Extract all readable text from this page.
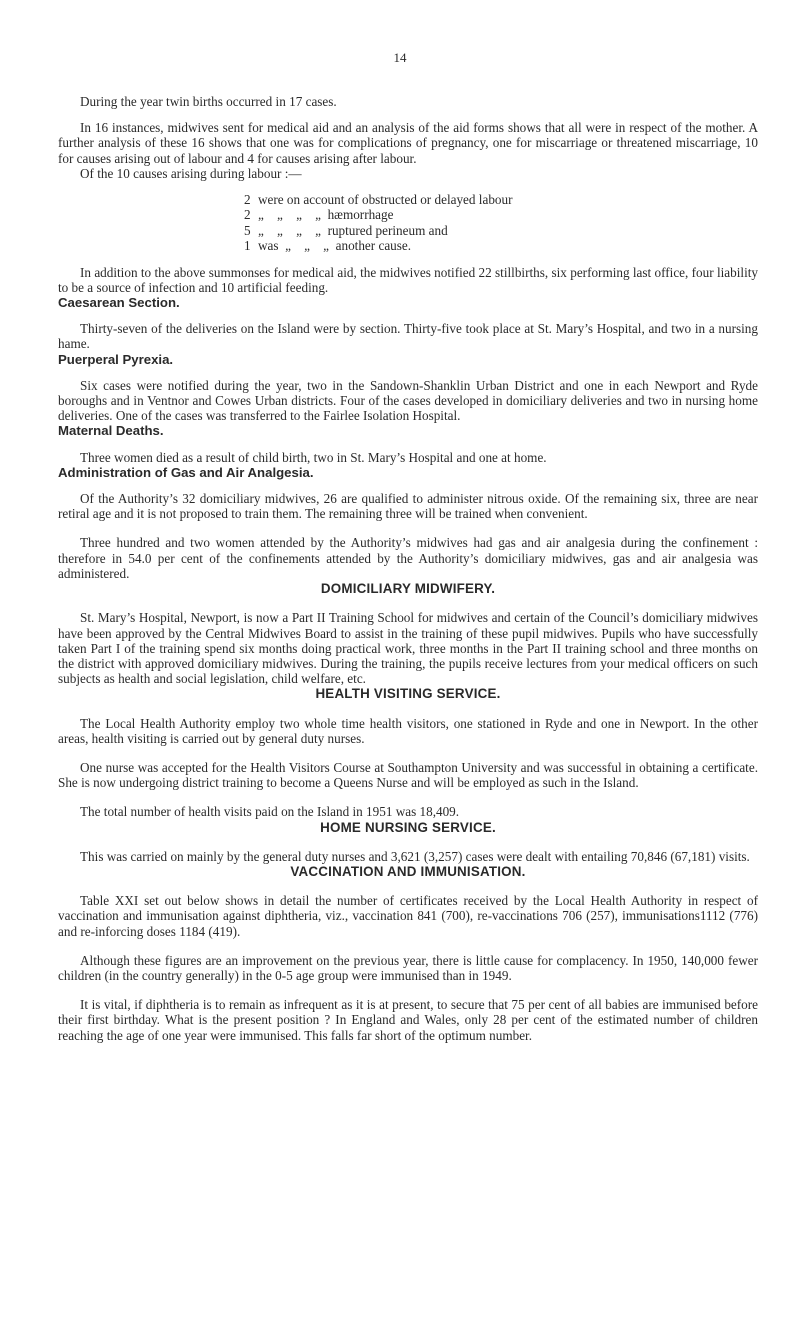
14

During the year twin births occurred in 17 cases.

In 16 instances, midwives sent for medical aid and an analysis of the aid forms shows that all were in respect of the mother. A further analysis of these 16 shows that one was for complications of pregnancy, one for miscarriage or threatened miscarriage, 10 for causes arising out of labour and 4 for causes arising after labour.

Of the 10 causes arising during labour :—

2 were on account of obstructed or delayed labour
2 „    „    „    „  hæmorrhage
5 „    „    „    „  ruptured perineum and
1 was  „    „    „  another cause.

In addition to the above summonses for medical aid, the midwives notified 22 stillbirths, six performing last office, four liability to be a source of infection and 10 artificial feeding.

Caesarean Section.

Thirty-seven of the deliveries on the Island were by section. Thirty-five took place at St. Mary’s Hospital, and two in a nursing hame.

Puerperal Pyrexia.

Six cases were notified during the year, two in the Sandown-Shanklin Urban District and one in each Newport and Ryde boroughs and in Ventnor and Cowes Urban districts. Four of the cases developed in domiciliary deliveries and two in nursing home deliveries. One of the cases was transferred to the Fairlee Isolation Hospital.

Maternal Deaths.

Three women died as a result of child birth, two in St. Mary’s Hospital and one at home.

Administration of Gas and Air Analgesia.

Of the Authority’s 32 domiciliary midwives, 26 are qualified to administer nitrous oxide. Of the remaining six, three are near retiral age and it is not proposed to train them. The remaining three will be trained when convenient.

Three hundred and two women attended by the Authority’s midwives had gas and air analgesia during the confinement : therefore in 54.0 per cent of the confinements attended by the Authority’s domiciliary midwives, gas and air analgesia was administered.

DOMICILIARY MIDWIFERY.

St. Mary’s Hospital, Newport, is now a Part II Training School for midwives and certain of the Council’s domiciliary midwives have been approved by the Central Midwives Board to assist in the training of these pupil midwives. Pupils who have successfully taken Part I of the training spend six months doing practical work, three months in the Part II training school and three months on the district with approved domiciliary midwives. During the training, the pupils receive lectures from your medical officers on such subjects as health and social legislation, child welfare, etc.

HEALTH VISITING SERVICE.

The Local Health Authority employ two whole time health visitors, one stationed in Ryde and one in Newport. In the other areas, health visiting is carried out by general duty nurses.

One nurse was accepted for the Health Visitors Course at Southampton University and was successful in obtaining a certificate. She is now undergoing district training to become a Queens Nurse and will be employed as such in the Island.

The total number of health visits paid on the Island in 1951 was 18,409.

HOME NURSING SERVICE.

This was carried on mainly by the general duty nurses and 3,621 (3,257) cases were dealt with entailing 70,846 (67,181) visits.

VACCINATION AND IMMUNISATION.

Table XXI set out below shows in detail the number of certificates received by the Local Health Authority in respect of vaccination and immunisation against diphtheria, viz., vaccination 841 (700), re-vaccinations 706 (257), immunisations1112 (776) and re-inforcing doses 1184 (419).

Although these figures are an improvement on the previous year, there is little cause for complacency. In 1950, 140,000 fewer children (in the country generally) in the 0-5 age group were immunised than in 1949.

It is vital, if diphtheria is to remain as infrequent as it is at present, to secure that 75 per cent of all babies are immunised before their first birthday. What is the present position ? In England and Wales, only 28 per cent of the estimated number of children reaching the age of one year were immunised. This falls far short of the optimum number.
